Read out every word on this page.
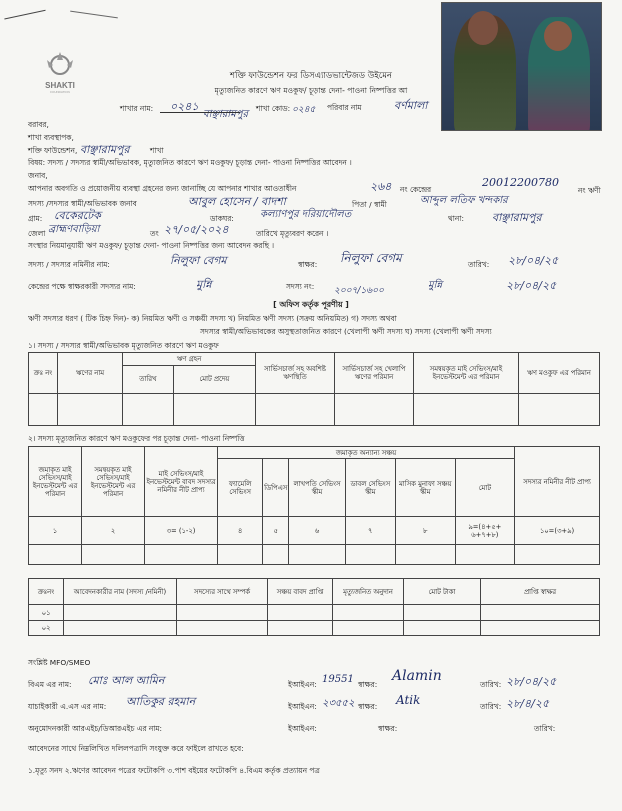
SHAKTI
FOUNDATION
শক্তি ফাউন্ডেশন ফর ডিসএ্যাডভান্টেজড উইমেন
মৃত্যুজনিত কারণে ঋণ মওকুফ/ চূড়ান্ত দেনা- পাওনা নিষ্পত্তির আ
শাখার নাম: ০২৪১
বাঞ্ছারামপুর
শাখা কোড: ০২৪৫ পরিবার নাম	বর্ণমালা
বরাবর,
শাখা ব্যবস্থাপক,
শক্তি ফাউন্ডেশন, বাঞ্ছারামপুর	শাখা
বিষয়: সদস্য / সদস্যর স্বামী/অভিভাবক, মৃত্যুজনিত কারণে ঋণ মওকুফ/ চূড়ান্ত দেনা- পাওনা নিষ্পত্তির আবেদন ।
জনাব,
আপনার অবগতি ও প্রয়োজনীয় ব্যবস্থা গ্রহনের জন্য জানাচ্ছি যে আপনার শাখার আওতাধীন	২৬৪ নং কেন্দ্রের
20012200780
নং ঋণী
সদস্য /সদস্যর স্বামী/অভিভাবক জনাব	আবুল হোসেন / বাদশা	পিতা / স্বামী	আব্দুল লতিফ খন্দকার
গ্রাম: বেকেরটেক	ডাকঘর:	কল্যাণপুর দরিয়াদৌলত	থানা:	বাঞ্ছারামপুর
জেলা ব্রাহ্মণবাড়িয়া	তং ২৭/০৫/২০২৪	তারিখে মৃত্যুবরণ করেন ।
সংস্থার নিয়মানুযায়ী ঋণ মওকুফ/ চূড়ান্ত দেনা- পাওনা নিষ্পত্তির জন্য আবেদন করছি ।
সদস্য / সদস্যর নমিনীর নাম:	নিলুফা বেগম	স্বাক্ষর: নিলুফা বেগম	তারিখ: ২৮/০৪/২৫
কেন্দ্রের পক্ষে স্বাক্ষরকারী সদস্যর নাম:	মুন্নি	সদস্য নং: ২০০৭/১৬০০	মুন্নি	২৮/০৪/২৫
[ অফিস কর্তৃক পূরণীয় ]
ঋণী সদস্যর ধরণ ( টিক চিহ্ন দিন)- ক) নিয়মিত ঋণী ও সঞ্চয়ী সদস্য খ) নিয়মিত ঋণী সদস্য (সক্রয় অনিয়মিত) গ) সদস্য অথবা
সদস্যর স্বামী/অভিভাবকের অসুস্থতাজনিত কারণে (খেলাপী ঋণী সদস্য ঘ) সদস্য (খেলাপী ঋণী সদস্য
১। সদস্য / সদস্যর স্বামী/অভিভাবক মৃত্যুজনিত কারণে ঋণ মওকুফ
ক্রঃ নং	ঋণের নাম	ঋণ গ্রহন		সার্ভিসচার্জ সহ অবশিষ্ট ঋণস্থিতি	সার্ভিসচার্জ সহ খেলাপি ঋণের পরিমান	সমন্বয়কৃত মাই সেভিংস/মাই ইনভেস্টমেন্ট এর পরিমান	ঋণ মওকুফ এর পরিমান
		তারিখ	মোট প্রদেয়				

২। সদস্য মৃত্যুজনিত কারণে ঋণ মওকুফের পর চূড়ান্ত দেনা- পাওনা নিষ্পত্তি
জমাকৃত মাই সেভিংস/মাই ইনভেস্টমেন্ট এর পরিমান	সমন্বয়কৃত মাই সেভিংস/মাই ইনভেস্টমেন্ট এর পরিমান	মাই সেভিংস/মাই ইনভেস্টমেন্ট বাবদ সদস্যর নমিনীর নীট প্রাপ্য	জমাকৃত অন্যান্য সঞ্চয়						সদস্যর নমিনীর নীট প্রাপ্য
			ফ্যামেলি সেভিংস	ডিপিএস	লাখপতি সেভিংস স্কীম	ডাবল সেভিংস স্কীম	মাসিক মুনাফা সঞ্চয় স্কীম	মোট	
১	২	৩= (১-২)	৪	৫	৬	৭	৮	৯=(৪+৫+ ৬+৭+৮)	১০=(৩+৯)

ক্রঃনং	আবেদনকারীর নাম (সদস্য /নমিনী)	সদস্যের সাথে সম্পর্ক	সঞ্চয় বাবদ প্রাপ্তি	মৃত্যুজনিত অনুদান	মোট টাকা	প্রাপ্তি স্বাক্ষর
০১						
০২						
সংশ্লিষ্ট MFO/SMEO
বিএম এর নাম: মোঃ আল আমিন	ইআইএন: 19551 স্বাক্ষর:
Alamin
তারিখ: ২৮/০৪/২৫
যাচাইকারী এ.এস এর নাম: আতিকুর রহমান	ইআইএন: ২৩৫৫২ স্বাক্ষর: Atik	তারিখ: ২৮/৪/২৫
অনুমোদনকারী আরএইচ/ডিআরএইচ এর নাম:	ইআইএন:	স্বাক্ষর:	তারিখ:
আবেদনের সাথে নিম্নলিখিত দলিলপত্রাদি সংযুক্ত করে ফাইলে রাখতে হবে:
১.মৃত্যু সনদ ২.ঋণের আবেদন পত্রের ফটোকপি ৩.পাশ বইয়ের ফটোকপি ৪.বিএম কর্তৃক প্রত্যায়ন পত্র
